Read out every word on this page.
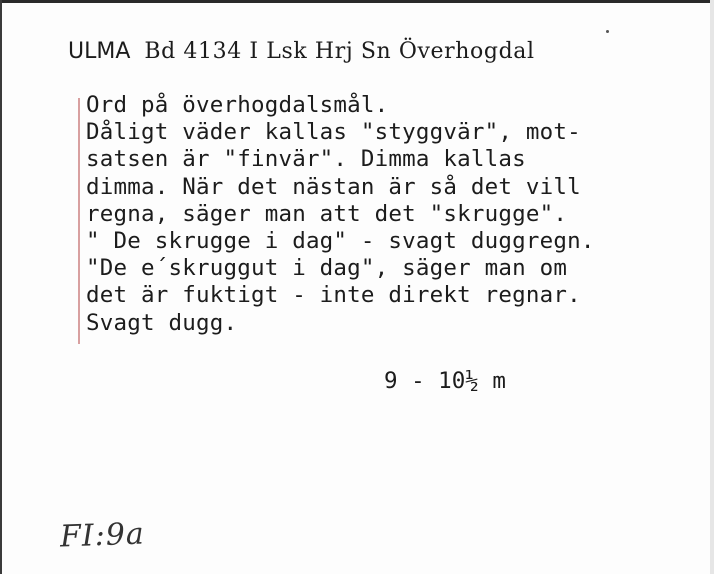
ULMA Bd 4134 I Lsk Hrj Sn Överhogdal
Ord på överhogdalsmål.
Dåligt väder kallas "styggvär", mot-
satsen är "finvär". Dimma kallas
dimma. När det nästan är så det vill
regna, säger man att det "skrugge".
" De skrugge i dag" - svagt duggregn.
"De e´skruggut i dag", säger man om
det är fuktigt - inte direkt regnar.
Svagt dugg.
9 - 10½ m
FI:9a
